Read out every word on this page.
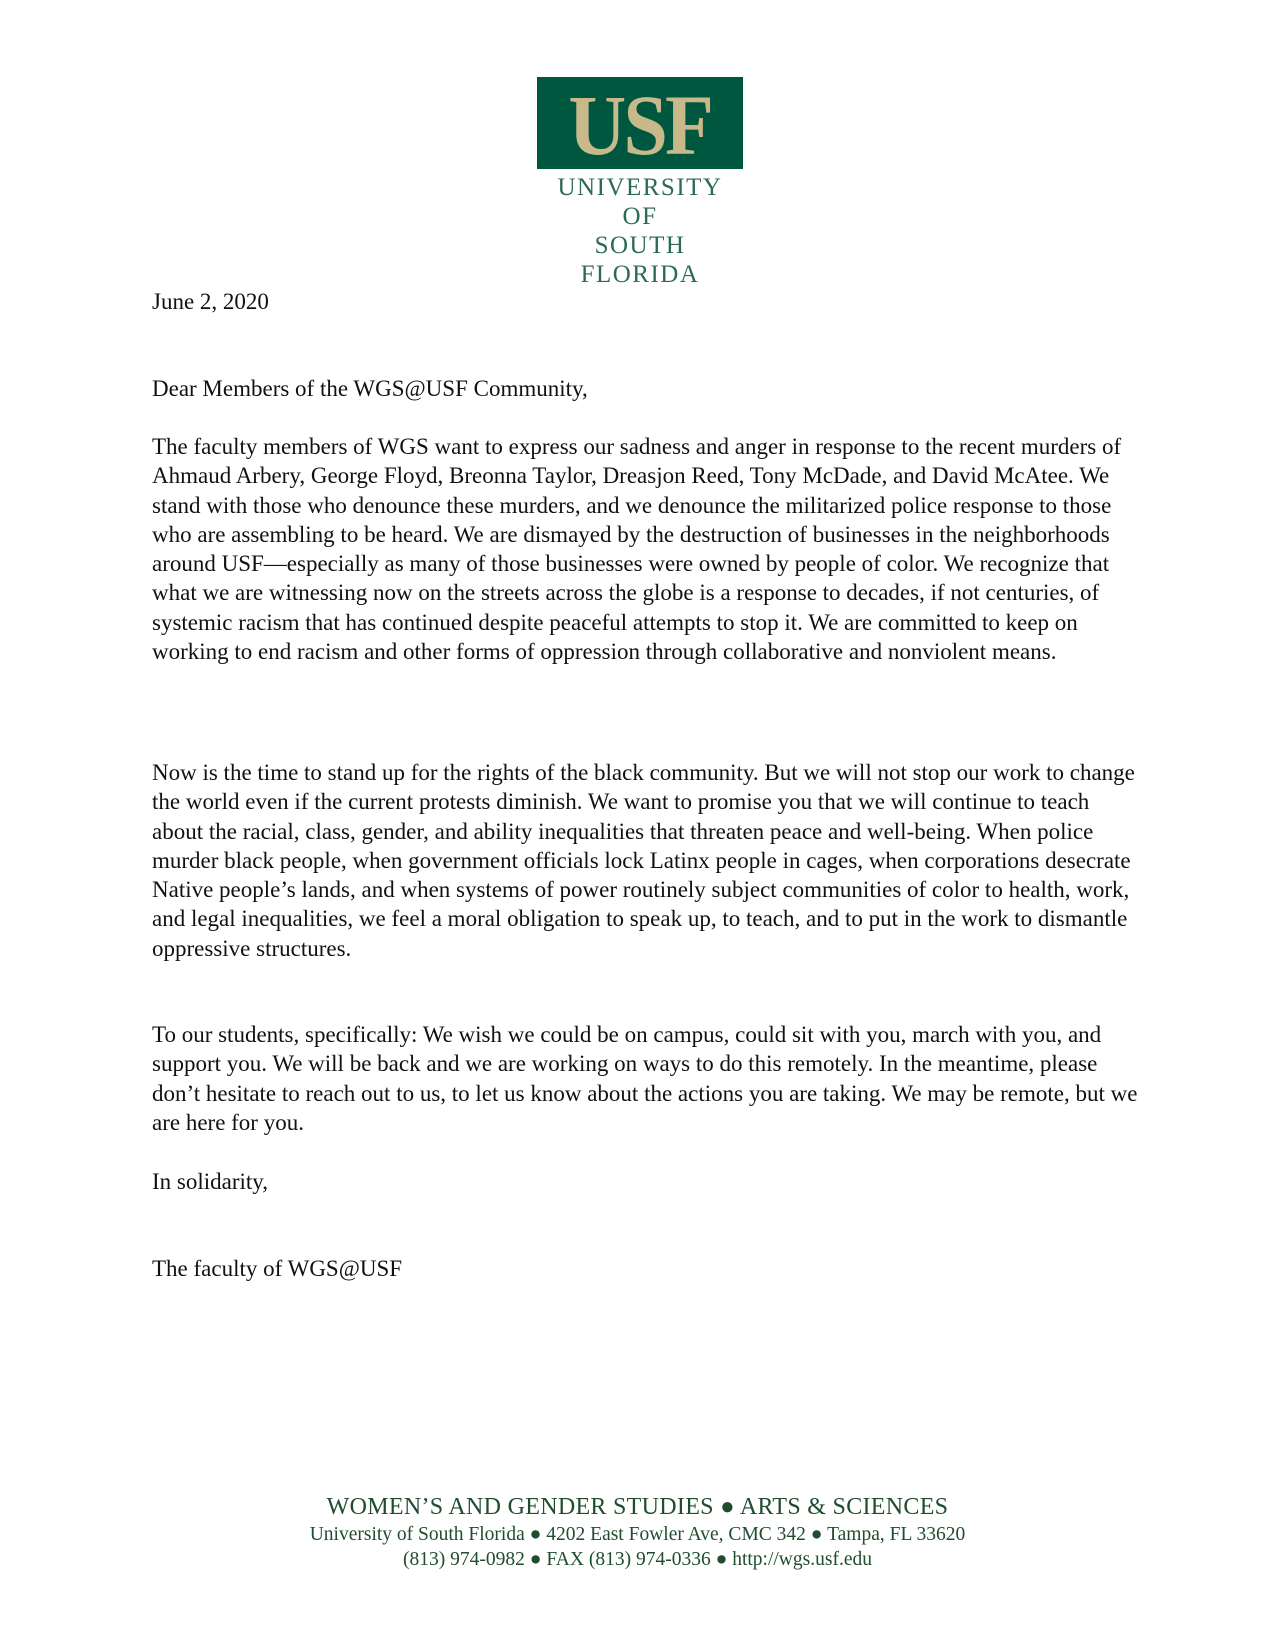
USF
UNIVERSITY OF
SOUTH FLORIDA

June 2, 2020

Dear Members of the WGS@USF Community,

The faculty members of WGS want to express our sadness and anger in response to the recent murders of Ahmaud Arbery, George Floyd, Breonna Taylor, Dreasjon Reed, Tony McDade, and David McAtee. We stand with those who denounce these murders, and we denounce the militarized police response to those who are assembling to be heard. We are dismayed by the destruction of businesses in the neighborhoods around USF—especially as many of those businesses were owned by people of color. We recognize that what we are witnessing now on the streets across the globe is a response to decades, if not centuries, of systemic racism that has continued despite peaceful attempts to stop it. We are committed to keep on working to end racism and other forms of oppression through collaborative and nonviolent means.

Now is the time to stand up for the rights of the black community. But we will not stop our work to change the world even if the current protests diminish. We want to promise you that we will continue to teach about the racial, class, gender, and ability inequalities that threaten peace and well-being. When police murder black people, when government officials lock Latinx people in cages, when corporations desecrate Native people’s lands, and when systems of power routinely subject communities of color to health, work, and legal inequalities, we feel a moral obligation to speak up, to teach, and to put in the work to dismantle oppressive structures.

To our students, specifically: We wish we could be on campus, could sit with you, march with you, and support you. We will be back and we are working on ways to do this remotely. In the meantime, please don’t hesitate to reach out to us, to let us know about the actions you are taking. We may be remote, but we are here for you.

In solidarity,

The faculty of WGS@USF

WOMEN’S AND GENDER STUDIES ● ARTS & SCIENCES
University of South Florida ● 4202 East Fowler Ave, CMC 342 ● Tampa, FL 33620
(813) 974-0982 ● FAX (813) 974-0336 ● http://wgs.usf.edu
